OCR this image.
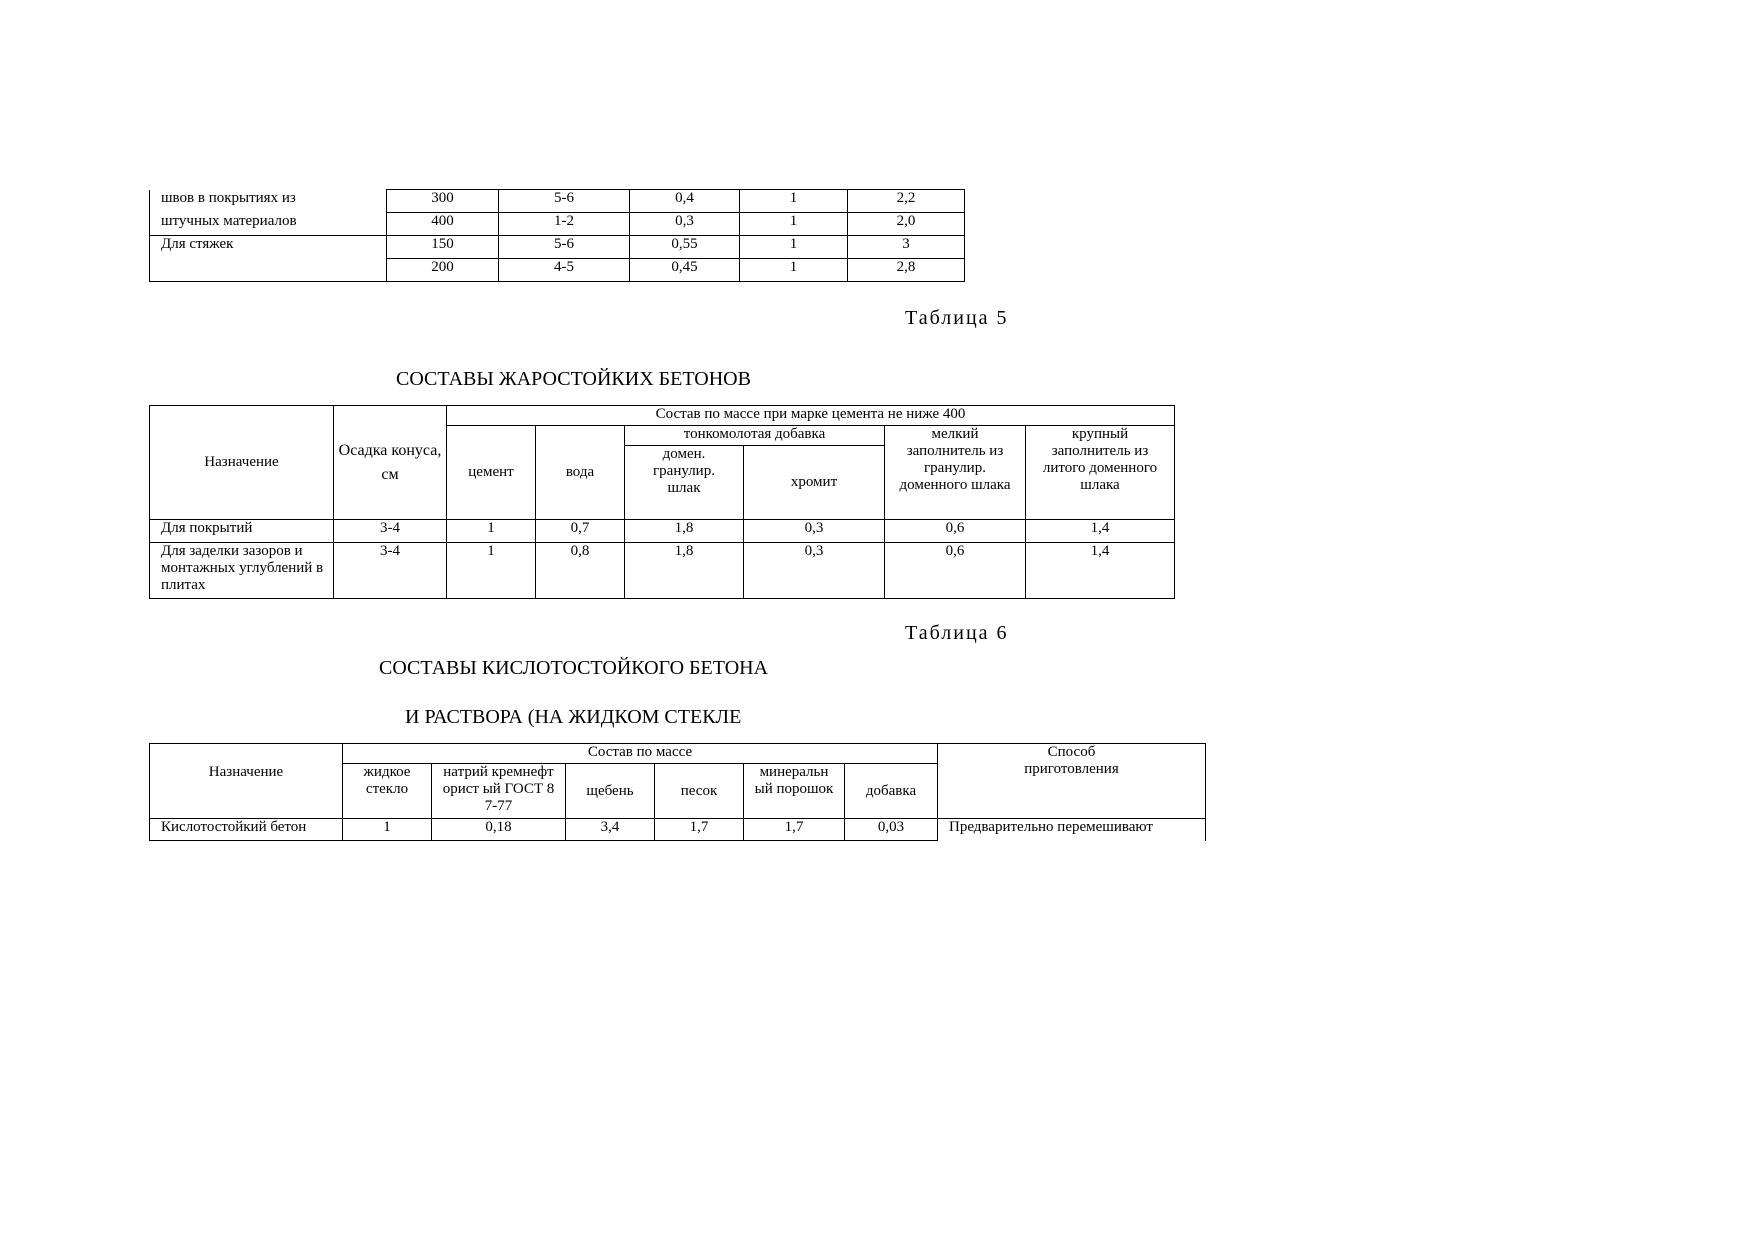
швов в покрытиях из	300	5-6	0,4	1	2,2
штучных материалов	400	1-2	0,3	1	2,0
Для стяжек	150	5-6	0,55	1	3
	200	4-5	0,45	1	2,8
Таблица 5
СОСТАВЫ ЖАРОСТОЙКИХ БЕТОНОВ
Назначение	Осадка конуса, см	Состав по массе при марке цемента не ниже 400					
		цемент	вода	тонкомолотая добавка		мелкий заполнитель из гранулир. доменного шлака	крупный заполнитель из литого доменного шлака
				домен. гранулир. шлак	хромит		
Для покрытий	3-4	1	0,7	1,8	0,3	0,6	1,4
Для заделки зазоров и монтажных углублений в плитах	3-4	1	0,8	1,8	0,3	0,6	1,4
Таблица 6
СОСТАВЫ КИСЛОТОСТОЙКОГО БЕТОНА
И РАСТВОРА (НА ЖИДКОМ СТЕКЛЕ
Назначение	Состав по массе						Способ приготовления
	жидкое стекло	натрий кремнефторист ый ГОСТ 87-77	щебень	песок	минеральн ый порошок	добавка	
Кислотостойкий бетон	1	0,18	3,4	1,7	1,7	0,03	Предварительно перемешивают
